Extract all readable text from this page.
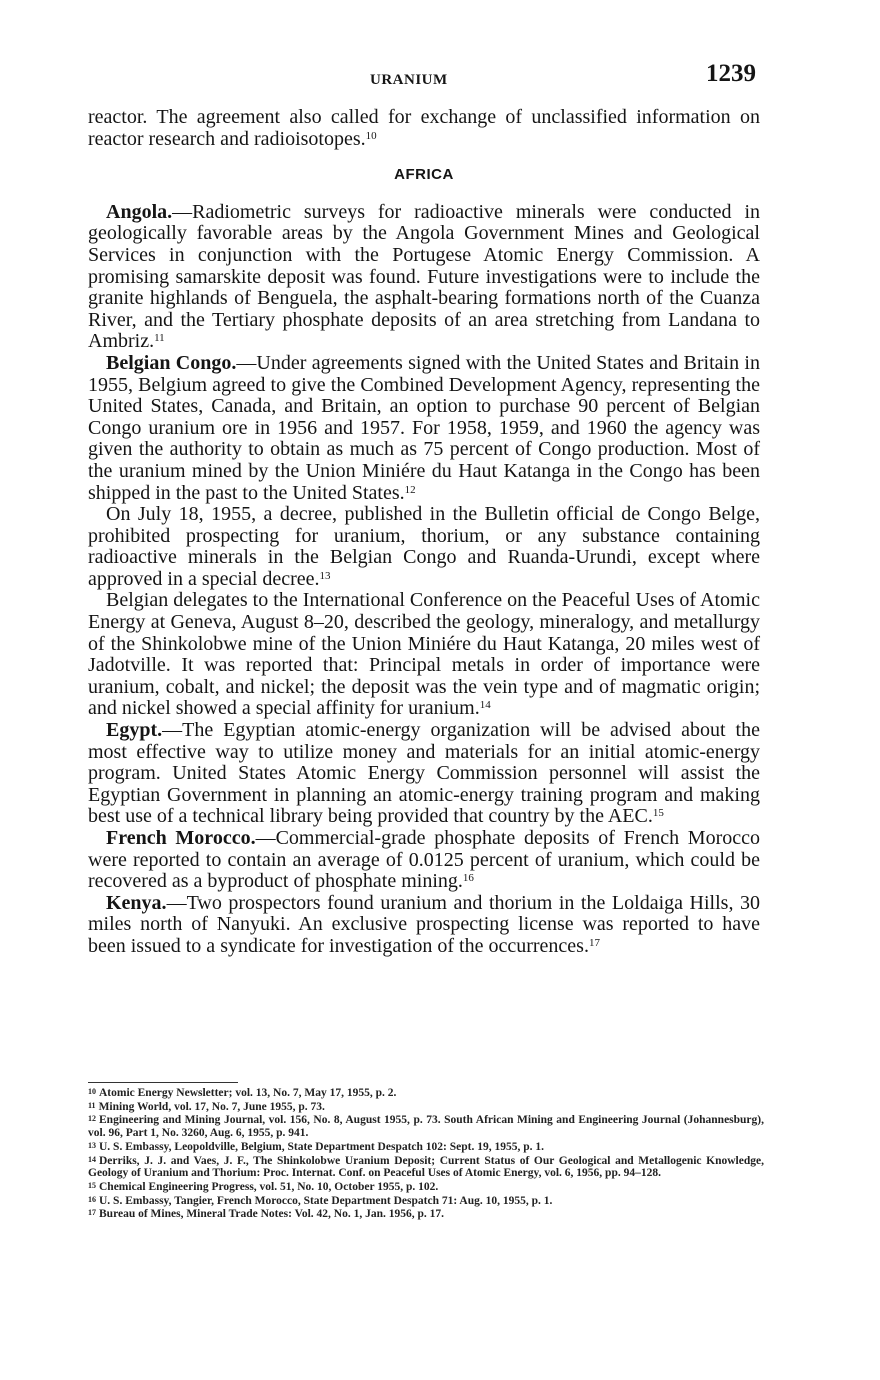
URANIUM	1239

reactor. The agreement also called for exchange of unclassified information on reactor research and radioisotopes.$^{10}$

AFRICA

Angola.—Radiometric surveys for radioactive minerals were conducted in geologically favorable areas by the Angola Government Mines and Geological Services in conjunction with the Portugese Atomic Energy Commission. A promising samarskite deposit was found. Future investigations were to include the granite highlands of Benguela, the asphalt-bearing formations north of the Cuanza River, and the Tertiary phosphate deposits of an area stretching from Landana to Ambriz.$^{11}$

Belgian Congo.—Under agreements signed with the United States and Britain in 1955, Belgium agreed to give the Combined Development Agency, representing the United States, Canada, and Britain, an option to purchase 90 percent of Belgian Congo uranium ore in 1956 and 1957. For 1958, 1959, and 1960 the agency was given the authority to obtain as much as 75 percent of Congo production. Most of the uranium mined by the Union Miniére du Haut Katanga in the Congo has been shipped in the past to the United States.$^{12}$

On July 18, 1955, a decree, published in the Bulletin official de Congo Belge, prohibited prospecting for uranium, thorium, or any substance containing radioactive minerals in the Belgian Congo and Ruanda-Urundi, except where approved in a special decree.$^{13}$

Belgian delegates to the International Conference on the Peaceful Uses of Atomic Energy at Geneva, August 8–20, described the geology, mineralogy, and metallurgy of the Shinkolobwe mine of the Union Miniére du Haut Katanga, 20 miles west of Jadotville. It was reported that: Principal metals in order of importance were uranium, cobalt, and nickel; the deposit was the vein type and of magmatic origin; and nickel showed a special affinity for uranium.$^{14}$

Egypt.—The Egyptian atomic-energy organization will be advised about the most effective way to utilize money and materials for an initial atomic-energy program. United States Atomic Energy Commission personnel will assist the Egyptian Government in planning an atomic-energy training program and making best use of a technical library being provided that country by the AEC.$^{15}$

French Morocco.—Commercial-grade phosphate deposits of French Morocco were reported to contain an average of 0.0125 percent of uranium, which could be recovered as a byproduct of phosphate mining.$^{16}$

Kenya.—Two prospectors found uranium and thorium in the Loldaiga Hills, 30 miles north of Nanyuki. An exclusive prospecting license was reported to have been issued to a syndicate for investigation of the occurrences.$^{17}$

10 Atomic Energy Newsletter; vol. 13, No. 7, May 17, 1955, p. 2.

11 Mining World, vol. 17, No. 7, June 1955, p. 73.

12 Engineering and Mining Journal, vol. 156, No. 8, August 1955, p. 73. South African Mining and Engineering Journal (Johannesburg), vol. 96, Part 1, No. 3260, Aug. 6, 1955, p. 941.

13 U. S. Embassy, Leopoldville, Belgium, State Department Despatch 102: Sept. 19, 1955, p. 1.

14 Derriks, J. J. and Vaes, J. F., The Shinkolobwe Uranium Deposit; Current Status of Our Geological and Metallogenic Knowledge, Geology of Uranium and Thorium: Proc. Internat. Conf. on Peaceful Uses of Atomic Energy, vol. 6, 1956, pp. 94–128.

15 Chemical Engineering Progress, vol. 51, No. 10, October 1955, p. 102.

16 U. S. Embassy, Tangier, French Morocco, State Department Despatch 71: Aug. 10, 1955, p. 1.

17 Bureau of Mines, Mineral Trade Notes: Vol. 42, No. 1, Jan. 1956, p. 17.
